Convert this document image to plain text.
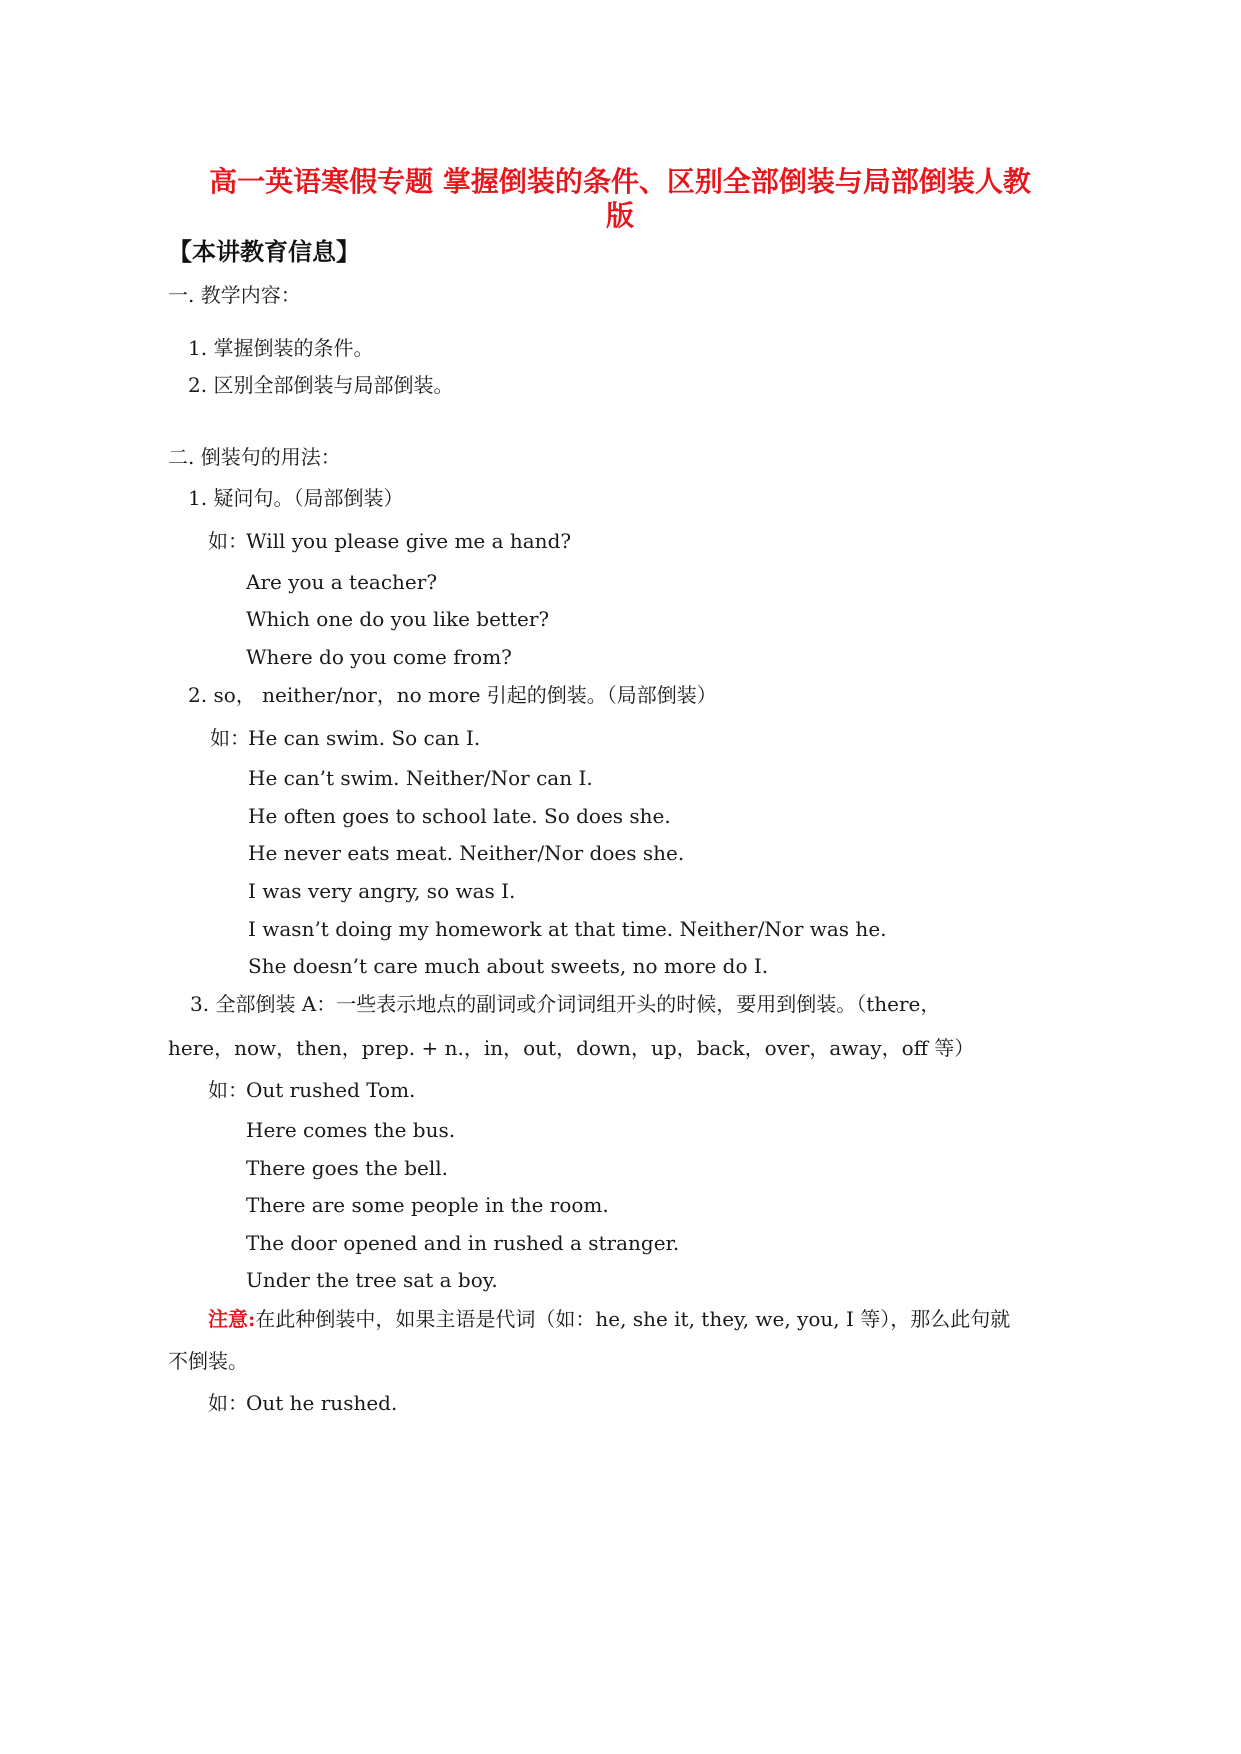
高一英语寒假专题 掌握倒装的条件、区别全部倒装与局部倒装人教
版
【本讲教育信息】
一. 教学内容：
1. 掌握倒装的条件。
2. 区别全部倒装与局部倒装。
二. 倒装句的用法：
1. 疑问句。（局部倒装）
如：
Will you please give me a hand?
Are you a teacher?
Which one do you like better?
Where do you come from?
2. so， neither/nor，no more 引起的倒装。（局部倒装）
如：
He can swim. So can I.
He can’t swim. Neither/Nor can I.
He often goes to school late. So does she.
He never eats meat. Neither/Nor does she.
I was very angry, so was I.
I wasn’t doing my homework at that time. Neither/Nor was he.
She doesn’t care much about sweets, no more do I.
3. 全部倒装 A：一些表示地点的副词或介词词组开头的时候，要用到倒装。（there，
here，now，then，prep. + n.，in，out，down，up，back，over，away，off 等）
如：
Out rushed Tom.
Here comes the bus.
There goes the bell.
There are some people in the room.
The door opened and in rushed a stranger.
Under the tree sat a boy.
注意:在此种倒装中，如果主语是代词（如：he, she it, they, we, you, I 等），那么此句就
不倒装。
如：
Out he rushed.
